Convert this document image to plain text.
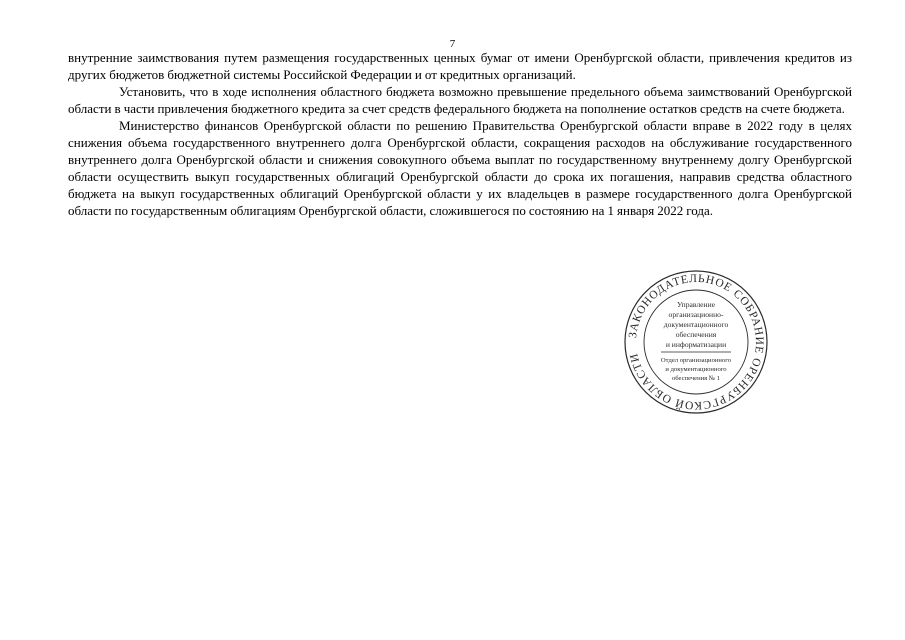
7

внутренние заимствования путем размещения государственных ценных бумаг от имени Оренбургской области, привлечения кредитов из других бюджетов бюджетной системы Российской Федерации и от кредитных организаций.

Установить, что в ходе исполнения областного бюджета возможно превышение предельного объема заимствований Оренбургской области в части привлечения бюджетного кредита за счет средств федерального бюджета на пополнение остатков средств на счете бюджета.

Министерство финансов Оренбургской области по решению Правительства Оренбургской области вправе в 2022 году в целях снижения объема государственного внутреннего долга Оренбургской области, сокращения расходов на обслуживание государственного внутреннего долга Оренбургской области и снижения совокупного объема выплат по государственному внутреннему долгу Оренбургской области осуществить выкуп государственных облигаций Оренбургской области до срока их погашения, направив средства областного бюджета на выкуп государственных облигаций Оренбургской области у их владельцев в размере государственного долга Оренбургской области по государственным облигациям Оренбургской области, сложившегося по состоянию на 1 января 2022 года.

ЗАКОНОДАТЕЛЬНОЕ СОБРАНИЕ ОРЕНБУРГСКОЙ ОБЛАСТИ
Управление
организационно-
документационного
обеспечения
и информатизации
Отдел организационного
и документационного
обеспечения № 1
